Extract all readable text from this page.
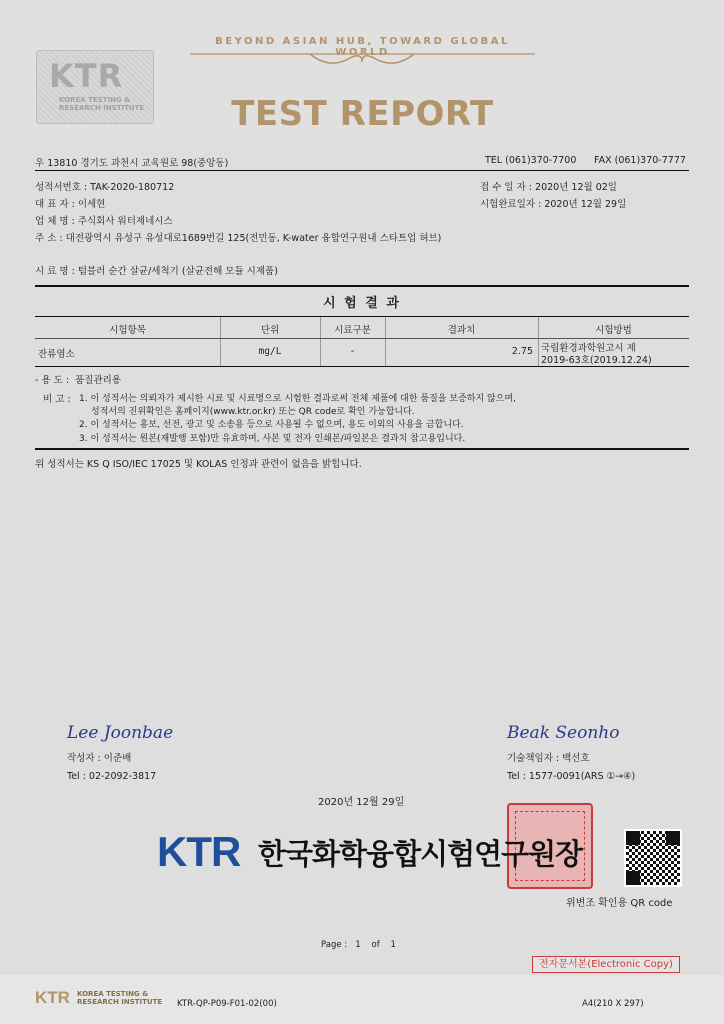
KTR
KOREA TESTING &
RESEARCH INSTITUTE
BEYOND ASIAN HUB, TOWARD GLOBAL WORLD
TEST REPORT
우 13810 경기도 과천시 교육원로 98(중앙동)	TEL (061)370-7700 FAX (061)370-7777
성적서번호 : TAK-2020-180712
대 표 자 : 이세현
업 체 명 : 주식회사 워터제네시스
주 소 : 대전광역시 유성구 유성대로1689번길 125(전민동, K-water 융합연구원내 스타트업 허브)
접 수 일 자 : 2020년 12월 02일
시험완료일자 : 2020년 12월 29일
시 료 명 : 텀블러 순간 살균/세척기 (살균전해 모듈 시제품)
시 험 결 과
시험항목	단위	시료구분	결과치	시험방법
잔류염소	mg/L	-	2.75 국립환경과학원고시 제
2019-63호(2019.12.24)
- 용 도 : 품질관리용
비 고 : 1. 이 성적서는 의뢰자가 제시한 시료 및 시료명으로 시험한 결과로써 전체 제품에 대한 품질을 보증하지 않으며,
성적서의 진위확인은 홈페이지(www.ktr.or.kr) 또는 QR code로 확인 가능합니다.
2. 이 성적서는 홍보, 선전, 광고 및 소송용 등으로 사용될 수 없으며, 용도 이외의 사용을 금합니다.
3. 이 성적서는 원본(재발행 포함)만 유효하며, 사본 및 전자 인쇄본/파일본은 결과치 참고용입니다.
위 성적서는 KS Q ISO/IEC 17025 및 KOLAS 인정과 관련이 없음을 밝힙니다.
Lee Joonbae
작성자 : 이준배
Tel : 02-2092-3817
Beak Seonho
기술책임자 : 백선호
Tel : 1577-0091(ARS ①→④)
2020년 12월 29일
KTR 한국화학융합시험연구원장
위변조 확인용 QR code
Page : 1 of 1
전자문서본(Electronic Copy)
KTR KOREA TESTING &
RESEARCH INSTITUTE KTR-QP-P09-F01-02(00)	A4(210 X 297)
